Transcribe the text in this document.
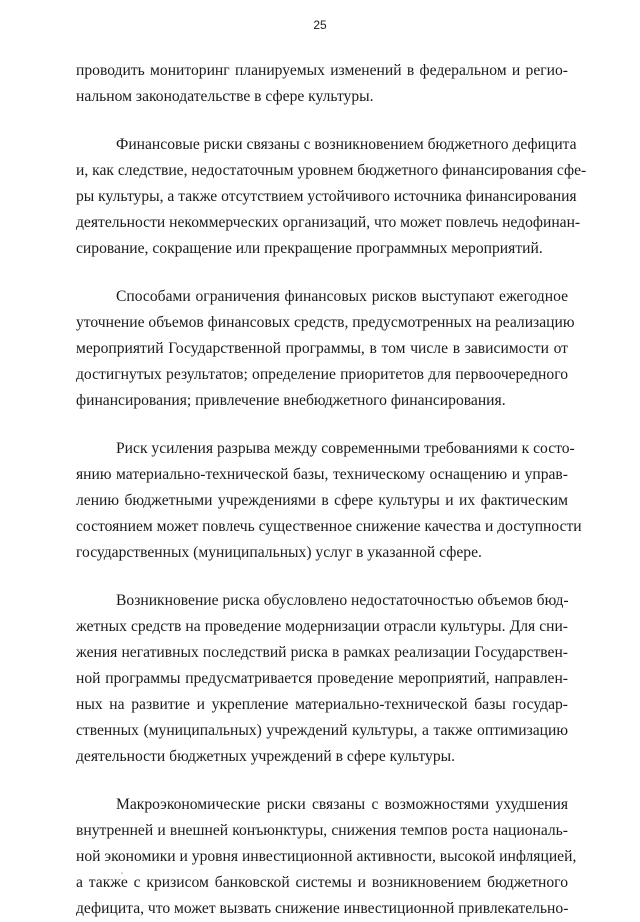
25
проводить мониторинг планируемых изменений в федеральном и регио-
нальном законодательстве в сфере культуры.
Финансовые риски связаны с возникновением бюджетного дефицита
и, как следствие, недостаточным уровнем бюджетного финансирования сфе-
ры культуры, а также отсутствием устойчивого источника финансирования
деятельности некоммерческих организаций, что может повлечь недофинан-
сирование, сокращение или прекращение программных мероприятий.
Способами ограничения финансовых рисков выступают ежегодное
уточнение объемов финансовых средств, предусмотренных на реализацию
мероприятий Государственной программы, в том числе в зависимости от
достигнутых результатов; определение приоритетов для первоочередного
финансирования; привлечение внебюджетного финансирования.
Риск усиления разрыва между современными требованиями к состо-
янию материально-технической базы, техническому оснащению и управ-
лению бюджетными учреждениями в сфере культуры и их фактическим
состоянием может повлечь существенное снижение качества и доступности
государственных (муниципальных) услуг в указанной сфере.
Возникновение риска обусловлено недостаточностью объемов бюд-
жетных средств на проведение модернизации отрасли культуры. Для сни-
жения негативных последствий риска в рамках реализации Государствен-
ной программы предусматривается проведение мероприятий, направлен-
ных на развитие и укрепление материально-технической базы государ-
ственных (муниципальных) учреждений культуры, а также оптимизацию
деятельности бюджетных учреждений в сфере культуры.
Макроэкономические риски связаны с возможностями ухудшения
внутренней и внешней конъюнктуры, снижения темпов роста националь-
ной экономики и уровня инвестиционной активности, высокой инфляцией,
а также с кризисом банковской системы и возникновением бюджетного
дефицита, что может вызвать снижение инвестиционной привлекательно-
